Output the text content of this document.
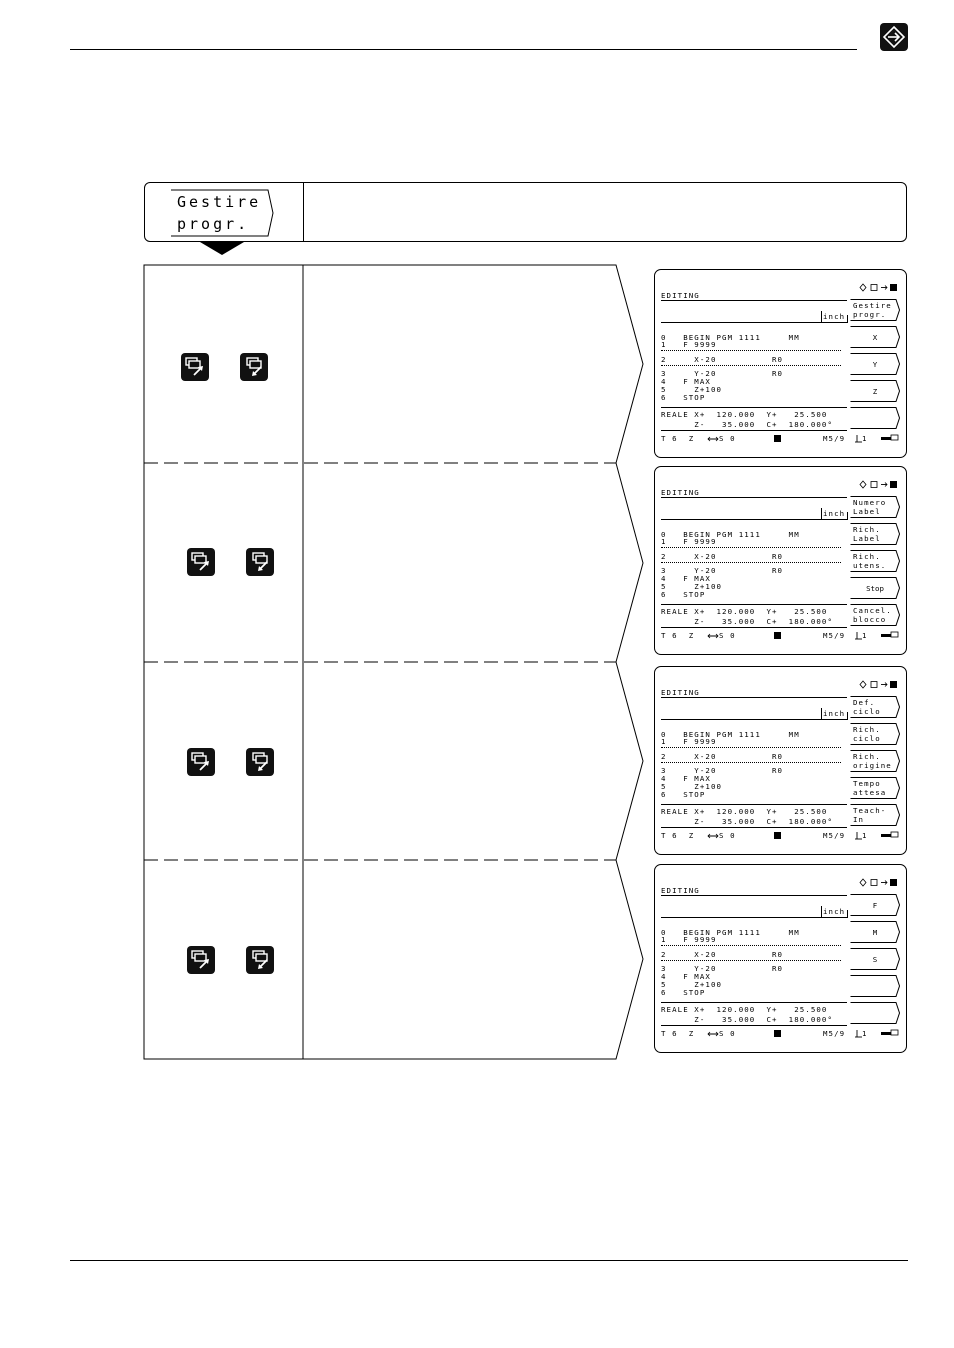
Gestire
progr.
EDITING
inch
0   BEGIN PGM 1111     MM
1   F 9999
2     X-20          R0
3     Y-20          R0
4   F MAX
5     Z+100
6   STOP
REALE X+  120.000  Y+   25.500
Z-   35.000  C+  180.000°
T 6  Z	S 0	M5/9 1
Gestire
progr.
X
Y
Z
EDITING
inch
0   BEGIN PGM 1111     MM
1   F 9999
2     X-20          R0
3     Y-20          R0
4   F MAX
5     Z+100
6   STOP
REALE X+  120.000  Y+   25.500
Z-   35.000  C+  180.000°
T 6  Z	S 0	M5/9 1
Numero
Label
Rich.
Label
Rich.
utens.
Stop
Cancel.
blocco
EDITING
inch
0   BEGIN PGM 1111     MM
1   F 9999
2     X-20          R0
3     Y-20          R0
4   F MAX
5     Z+100
6   STOP
REALE X+  120.000  Y+   25.500
Z-   35.000  C+  180.000°
T 6  Z	S 0	M5/9 1
Def.
ciclo
Rich.
ciclo
Rich.
origine
Tempo
attesa
Teach-
In
EDITING
inch
0   BEGIN PGM 1111     MM
1   F 9999
2     X-20          R0
3     Y-20          R0
4   F MAX
5     Z+100
6   STOP
REALE X+  120.000  Y+   25.500
Z-   35.000  C+  180.000°
T 6  Z	S 0	M5/9 1
F
M
S
